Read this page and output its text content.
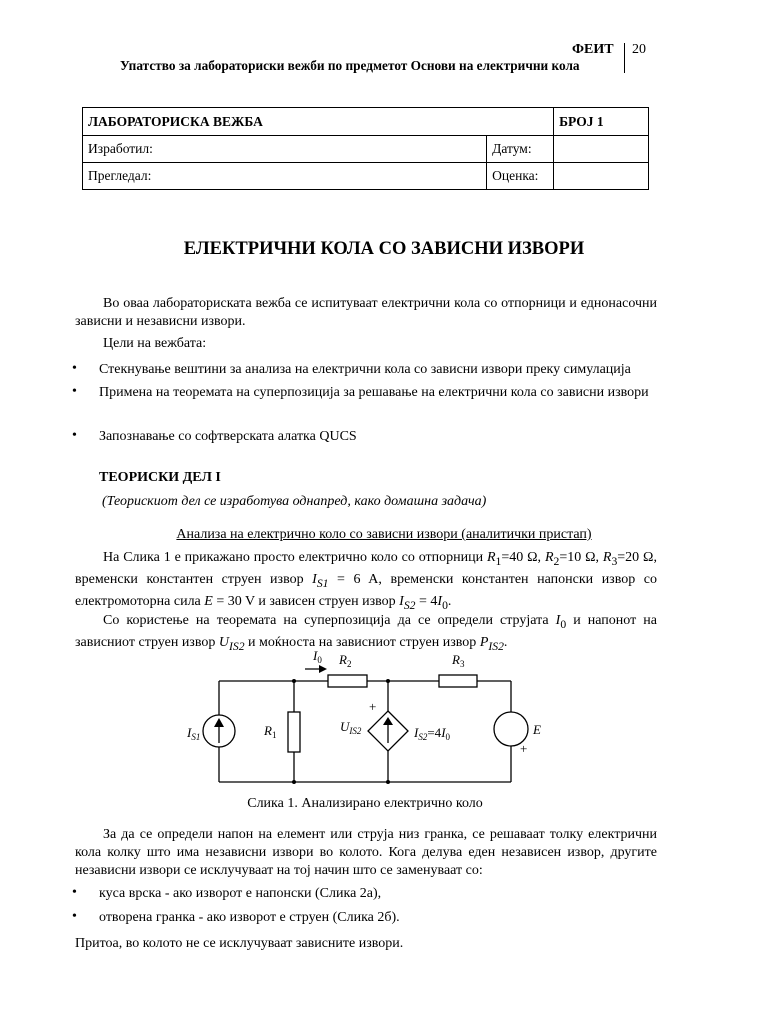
ФЕИТ 20
Упатство за лабораториски вежби по предметот Основи на електрични кола
ЛАБОРАТОРИСКА ВЕЖБА		БРОЈ 1
Изработил:	Датум:	
Прегледал:	Оценка:	
ЕЛЕКТРИЧНИ КОЛА СО ЗАВИСНИ ИЗВОРИ
Во оваа лабораториската вежба се испитуваат електрични кола со отпорници и еднонасочни зависни и независни извори.
Цели на вежбата:
• Стекнување вештини за анализа на електрични кола со зависни извори преку симулација
• Примена на теоремата на суперпозиција за решавање на електрични кола со зависни извори
• Запознавање со софтверската алатка QUCS
ТЕОРИСКИ ДЕЛ I
(Теорискиот дел се изработува однапред, како домашна задача)
Анализа на електрично коло со зависни извори (аналитички пристап)
На Слика 1 е прикажано просто електрично коло со отпорници $R_1=40$ Ω, $R_2=10$ Ω, $R_3=20$ Ω, временски константен струен извор $I_{S1} = 6$ A, временски константен напонски извор со електромоторна сила E = 30 V и зависен струен извор $I_{S2} = 4I_0$.
Со користење на теоремата на суперпозиција да се определи струјата $I_0$ и напонот на зависниот струен извор $U_{IS2}$ и моќноста на зависниот струен извор $P_{IS2}$.
$I_0$ $R_2$	$R_3$
$I_{S1}$	$R_1$
$U_{IS2}$
+
$I_{S2}=4I_0$	E
+
Слика 1. Анализирано електрично коло
За да се определи напон на елемент или струја низ гранка, се решаваат толку електрични кола колку што има независни извори во колото. Кога делува еден независен извор, другите независни извори се исклучуваат на тој начин што се заменуваат со:
• куса врска - ако изворот е напонски (Слика 2а),
• отворена гранка - ако изворот е струен (Слика 2б).
Притоа, во колото не се исклучуваат зависните извори.
